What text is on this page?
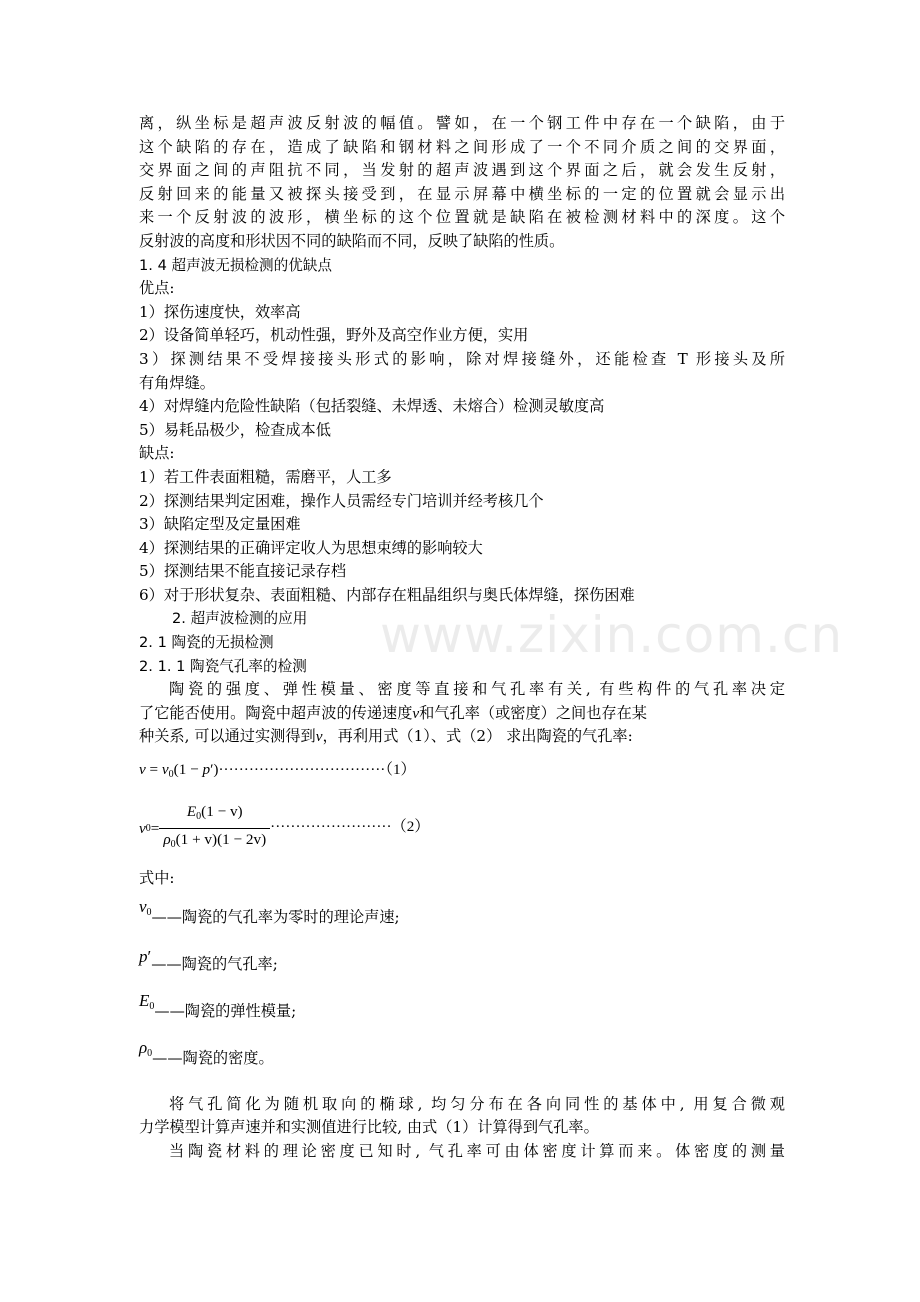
离，纵坐标是超声波反射波的幅值。譬如，在一个钢工件中存在一个缺陷，由于
这个缺陷的存在，造成了缺陷和钢材料之间形成了一个不同介质之间的交界面，
交界面之间的声阻抗不同，当发射的超声波遇到这个界面之后，就会发生反射，
反射回来的能量又被探头接受到，在显示屏幕中横坐标的一定的位置就会显示出
来一个反射波的波形，横坐标的这个位置就是缺陷在被检测材料中的深度。这个
反射波的高度和形状因不同的缺陷而不同，反映了缺陷的性质。
1. 4 超声波无损检测的优缺点
优点:
1）探伤速度快，效率高
2）设备简单轻巧，机动性强，野外及高空作业方便，实用
3）探测结果不受焊接接头形式的影响，除对焊接缝外，还能检查 T 形接头及所
有角焊缝。
4）对焊缝内危险性缺陷（包括裂缝、未焊透、未熔合）检测灵敏度高
5）易耗品极少，检查成本低
缺点:
1）若工件表面粗糙，需磨平，人工多
2）探测结果判定困难，操作人员需经专门培训并经考核几个
3）缺陷定型及定量困难
4）探测结果的正确评定收人为思想束缚的影响较大
5）探测结果不能直接记录存档
6）对于形状复杂、表面粗糙、内部存在粗晶组织与奥氏体焊缝，探伤困难
2. 超声波检测的应用
2. 1 陶瓷的无损检测
2. 1. 1 陶瓷气孔率的检测
陶瓷的强度、弹性模量、密度等直接和气孔率有关, 有些构件的气孔率决定
了它能否使用。陶瓷中超声波的传递速度v和气孔率（或密度）之间也存在某
种关系, 可以通过实测得到v，再利用式（1）、式（2） 求出陶瓷的气孔率:
$v = v_0(1 - p')\cdot\cdot\cdot\cdot\cdot\cdot\cdot\cdot\cdot\cdot\cdot\cdot\cdot\cdot\cdot\cdot\cdot\cdot\cdot\cdot\cdot\cdot\cdot\cdot\cdot\cdot\cdot\cdot\cdot\cdot\cdot\cdot\cdot(1)$
v $0 = \frac{E_0(1 - v)}{\rho_0(1 + v)(1 - 2v)}$ ························ （2）
式中:
$v_0$ ——陶瓷的气孔率为零时的理论声速;
p′ ——陶瓷的气孔率;
$E_0$ ——陶瓷的弹性模量;
$\rho_0$ ——陶瓷的密度。
将气孔简化为随机取向的椭球, 均匀分布在各向同性的基体中, 用复合微观
力学模型计算声速并和实测值进行比较, 由式（1）计算得到气孔率。
当陶瓷材料的理论密度已知时, 气孔率可由体密度计算而来。体密度的测量
www.zixin.com.cn
